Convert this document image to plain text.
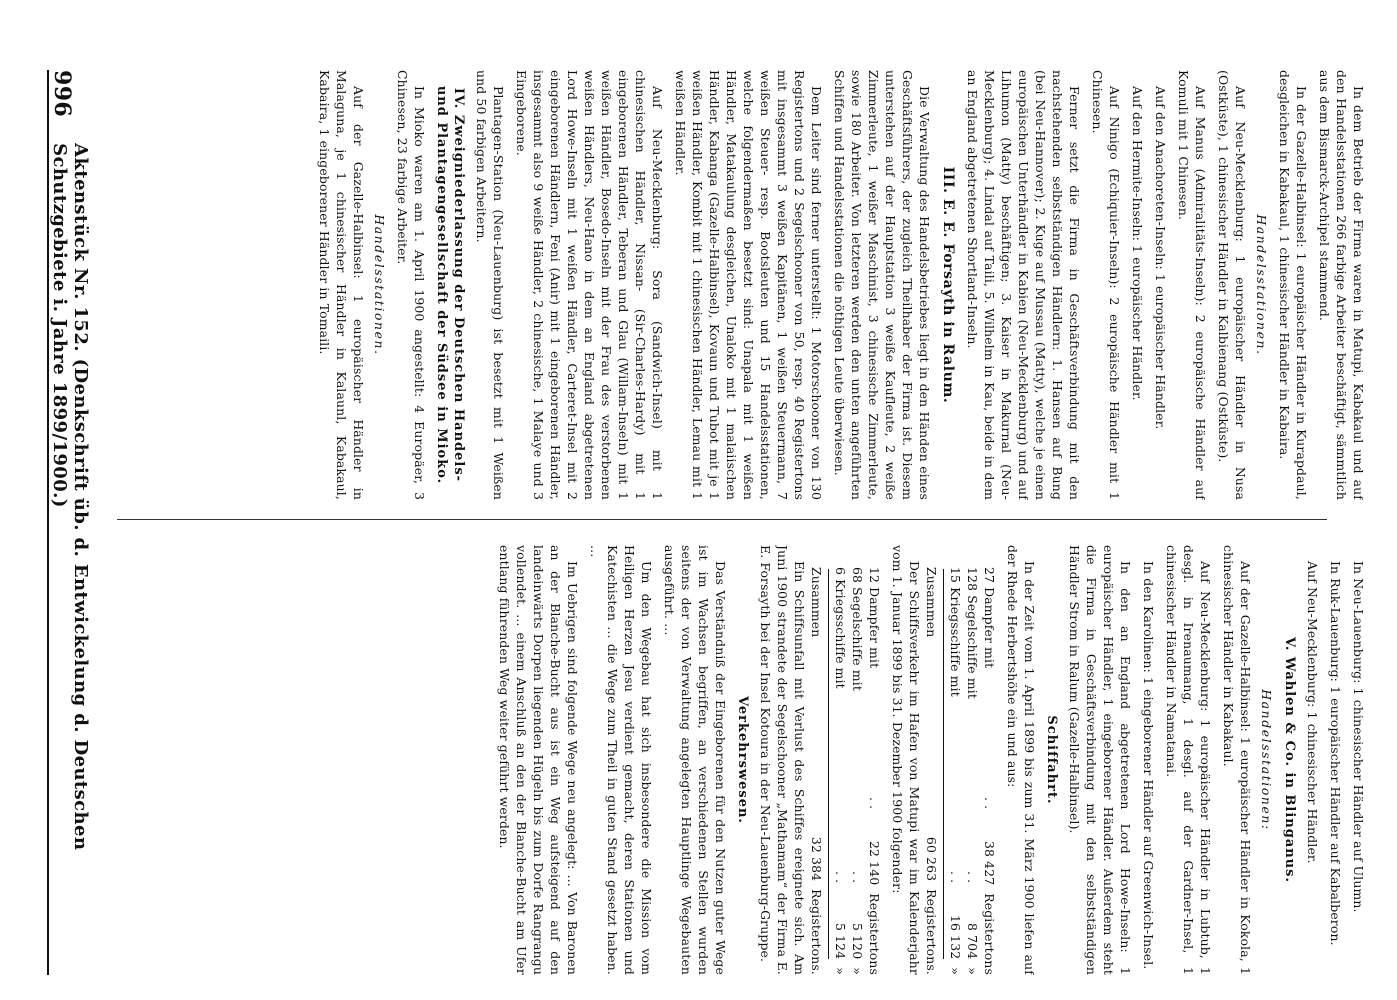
996
Aktenstück Nr. 152. (Denkschrift üb. d. Entwickelung d. Deutschen Schutzgebiete i. Jahre 1899/1900.)	In dem Betrieb der Firma waren in Matupi, Kabakaul und auf den Handelsstationen 266 farbige Arbeiter beschäftigt, sämmtlich aus dem Bismarck-Archipel stammend.

In der Gazelle-Halbinsel: 1 europäischer Händler in Kurapdaul, desgleichen in Kabakaul, 1 chinesischer Händler in Kabaira.

Handelsstationen.

Auf Neu-Mecklenburg: 1 europäischer Händler in Nusa (Ostküste), 1 chinesischer Händler in Kalbienang (Ostküste).

Auf Manus (Admiralitäts-Inseln): 2 europäische Händler auf Komuli mit 1 Chinesen.

Auf den Anachoreten-Inseln: 1 europäischer Händler.

Auf den Hermite-Inseln: 1 europäischer Händler.

Auf Ninigo (Echiquier-Inseln): 2 europäische Händler mit 1 Chinesen.

Ferner setzt die Firma in Geschäftsverbindung mit den nachstehenden selbstständigen Händlern: 1. Hansen auf Bung (bei Neu-Hannover); 2. Kuge auf Mussau (Matty), welche je einen europäischen Unterhändler in Kabien (Neu-Mecklenburg) und auf Lihumon (Matty) beschäftigen; 3. Kaiser in Makurnal (Neu-Mecklenburg); 4. Lindal auf Taili, 5. Wilhelm in Kau, beide in dem an England abgetretenen Shortland-Inseln.

III. E. E. Forsayth in Ralum.

Die Verwaltung des Handelsbetriebes liegt in den Händen eines Geschäftsführers, der zugleich Theilhaber der Firma ist. Diesem unterstehen auf der Hauptstation 3 weiße Kaufleute, 2 weiße Zimmerleute, 1 weißer Maschinist, 3 chinesische Zimmerleute, sowie 180 Arbeiter. Von letzteren werden den unten angeführten Schiffen und Handelsstationen die nöthigen Leute überwiesen.

Dem Leiter sind ferner unterstellt: 1 Motorschooner von 130 Registertons und 2 Segelschooner von 50, resp. 40 Registertons mit insgesammt 3 weißen Kapitänen, 1 weißen Steuermann, 7 weißen Steuer- resp. Bootsleuten und 15 Handelsstationen, welche folgendermaßen besetzt sind: Unapala mit 1 weißen Händler, Matakaulung desgleichen, Unaloko mit 1 malaiischen Händler, Kabanga (Gazelle-Halbinsel), Kovaun und Tubot mit je 1 weißen Händler, Kombit mit 1 chinesischen Händler, Lemau mit 1 weißen Händler.

Auf Neu-Mecklenburg: Sora (Sandwich-Insel) mit 1 chinesischen Händler, Nissan- (Sir-Charles-Hardy) mit 1 eingeborenen Händler, Teberan und Glau (Willam-Inseln) mit 1 weißen Händler, Bosedo-Inseln mit der Frau des verstorbenen weißen Händlers, Neu-Hano in dem an England abgetretenen Lord Howe-Inseln mit 1 weißen Händler, Carteret-Insel mit 2 eingeborenen Händlern, Feni (Anir) mit 1 eingeborenen Händler, insgesammt also 9 weiße Händler, 2 chinesische, 1 Malaye und 3 Eingeborene.

Plantagen-Station (Neu-Lauenburg) ist besetzt mit 1 Weißen und 50 farbigen Arbeitern.

IV. Zweigniederlassung der Deutschen Handels- und Plantagengesellschaft der Südsee in Mioko.

In Mioko waren am 1. April 1900 angestellt: 4 Europäer, 3 Chinesen, 23 farbige Arbeiter.

Handelsstationen.

Auf der Gazelle-Halbinsel: 1 europäischer Händler in Malaguna, je 1 chinesischer Händler in Kalaunl, Kabakaul, Kabaira, 1 eingeborener Händler in Tomaili.

In Neu-Lauenburg: 1 chinesischer Händler auf Ulumn.

In Ruk-Lauenburg: 1 europäischer Händler auf Kabalberon.

Auf Neu-Mecklenburg: 1 chinesischer Händler.

V. Wahlen & Co. in Blinganus.
Handelsstationen:

Auf der Gazelle-Halbinsel: 1 europäischer Händler in Kokola, 1 chinesischer Händler in Kabakaul.

Auf Neu-Mecklenburg: 1 europäischer Händler in Lubtub, 1 desgl. in Irenaumang, 1 desgl. auf der Gardner-Insel, 1 chinesischer Händler in Namatanai.

In den Karolinen: 1 eingeborener Händler auf Greenwich-Insel.

In den an England abgetretenen Lord Howe-Inseln: 1 europäischer Händler, 1 eingeborener Händler. Außerdem steht die Firma in Geschäftsverbindung mit den selbstständigen Händler Strom in Ralum (Gazelle-Halbinsel).

Schiffahrt.

In der Zeit vom 1. April 1899 bis zum 31. März 1900 liefen auf der Rhede Herbertshöhe ein und aus:

27 Dampfer mit
. .
38 427
Registertons
128 Segelschiffe mit
. .
8 704
»
15 Kriegsschiffe mit
. .
16 132
»
Zusammen
60 263
Registertons.

Der Schiffsverkehr im Hafen von Matupi war im Kalenderjahr vom 1. Januar 1899 bis 31. Dezember 1900 folgender:

12 Dampfer mit
. .
22 140
Registertons
68 Segelschiffe mit
. .
5 120
»
6 Kriegsschiffe mit
. .
5 124
»
Zusammen
32 384
Registertons.

Ein Schiffsunfall mit Verlust des Schiffes ereignete sich. Am Juni 1900 strandete der Segelschooner „Mathamam“ der Firma E. E. Forsayth bei der Insel Kotoura in der Neu-Lauenburg-Gruppe.

Verkehrswesen.

Das Verständniß der Eingeborenen für den Nutzen guter Wege ist im Wachsen begriffen, an verschiedenen Stellen wurden seitens der von Verwaltung angelegten Hauptlinge Wegebauten ausgeführt. …

Um den Wegebau hat sich insbesondere die Mission vom Heiligen Herzen Jesu verdient gemacht, deren Stationen und Katechisten … die Wege zum Theil in guten Stand gesetzt haben. …

Im Uebrigen sind folgende Wege neu angelegt: … Von Baronen an der Blanche-Bucht aus ist ein Weg aufsteigend auf den landeinwärts Dorpen liegenden Hügeln bis zum Dorfe Rangrangu vollendet. … einem Anschluß an den der Blanche-Bucht am Ufer entlang führenden Weg weiter geführt werden.
